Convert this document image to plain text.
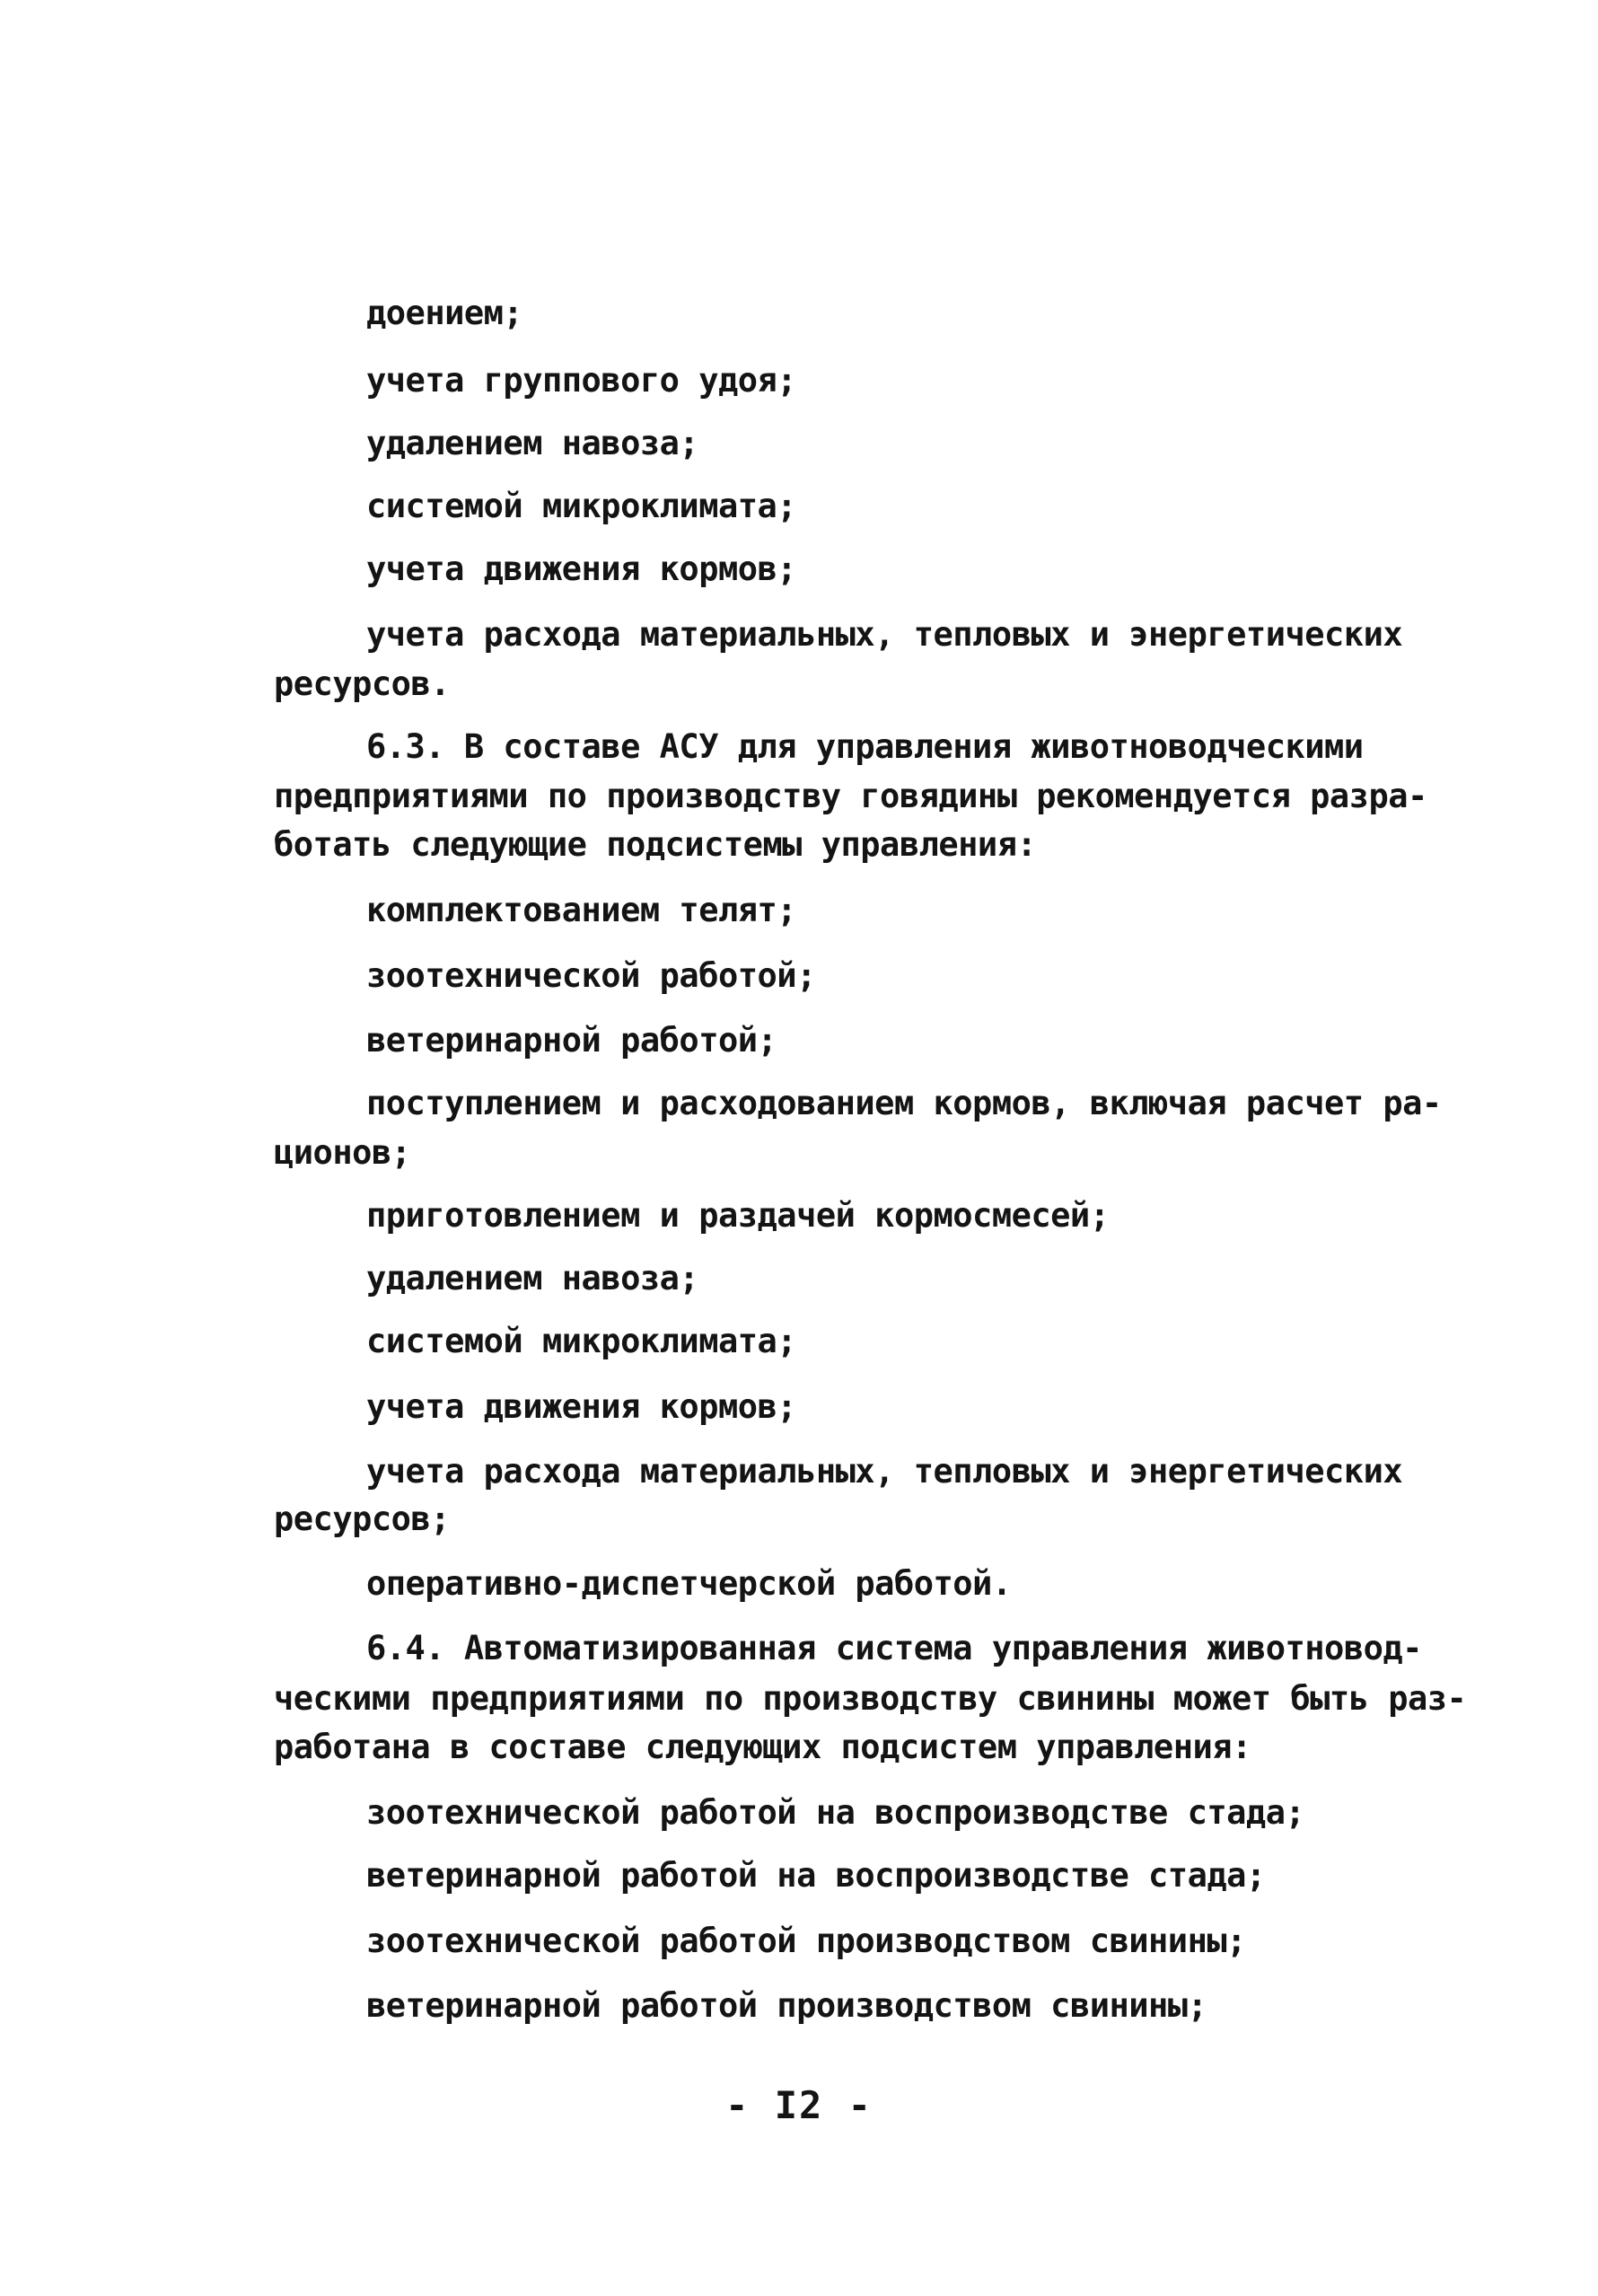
доением;
учета группового удоя;
удалением навоза;
системой микроклимата;
учета движения кормов;
учета расхода материальных, тепловых и энергетических
ресурсов.
6.3. В составе АСУ для управления животноводческими
предприятиями по производству говядины рекомендуется разра-
ботать следующие подсистемы управления:
комплектованием телят;
зоотехнической работой;
ветеринарной работой;
поступлением и расходованием кормов, включая расчет ра-
ционов;
приготовлением и раздачей кормосмесей;
удалением навоза;
системой микроклимата;
учета движения кормов;
учета расхода материальных, тепловых и энергетических
ресурсов;
оперативно-диспетчерской работой.
6.4. Автоматизированная система управления животновод-
ческими предприятиями по производству свинины может быть раз-
работана в составе следующих подсистем управления:
зоотехнической работой на воспроизводстве стада;
ветеринарной работой на воспроизводстве стада;
зоотехнической работой производством свинины;
ветеринарной работой производством свинины;
- I2 -
